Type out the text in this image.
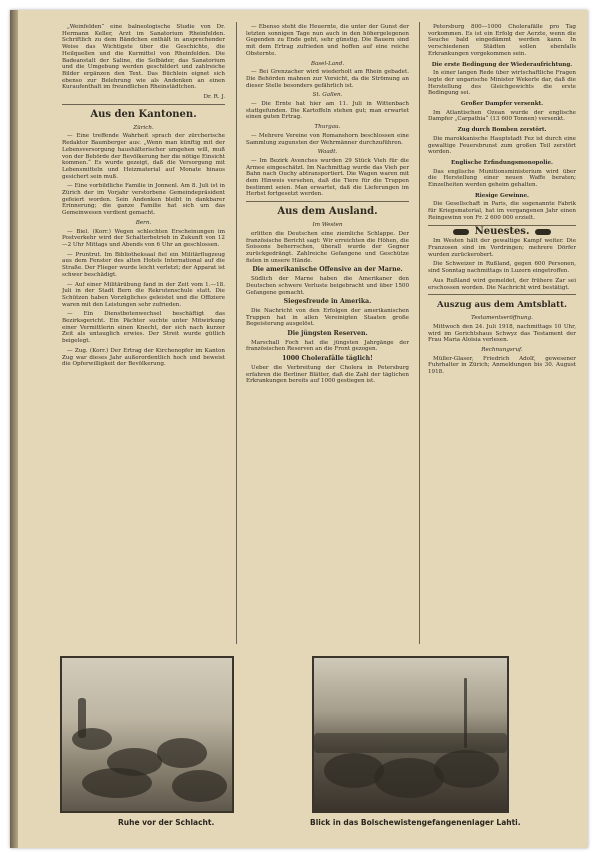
„Weinfelden“ eine balneologische Studie von Dr. Hermann Keller, Arzt im Sanatorium Rheinfelden. Schriftlich zu dem Bändchen enthält in ansprechender Weise das Wichtigste über die Geschichte, die Heilquellen und die Kurmittel von Rheinfelden. Die Badeanstalt der Saline, die Solbäder, das Sanatorium und die Umgebung werden geschildert und zahlreiche Bilder ergänzen den Text. Das Büchlein eignet sich ebenso zur Belehrung wie als Andenken an einen Kuraufenthalt im freundlichen Rheinstädtchen.

Dr. R. J.

Aus den Kantonen.

Zürich.

— Eine treffende Wahrheit sprach der zürcherische Redaktor Baumberger aus: „Wenn man künftig mit der Lebensversorgung haushälterischer umgehen will, muß von der Behörde der Bevölkerung her die nötige Einsicht kommen.“ Es wurde gezeigt, daß die Versorgung mit Lebensmitteln und Heizmaterial auf Monate hinaus gesichert sein muß.

— Eine vorbildliche Familie in Jonnenl. Am 8. Juli ist in Zürich der im Vorjahr verstorbene Gemeindepräsident gefeiert worden. Sein Andenken bleibt in dankbarer Erinnerung; die ganze Familie hat sich um das Gemeinwesen verdient gemacht.

Bern.

— Biel. (Korr.) Wegen schlechten Erscheinungen im Postverkehr wird der Schalterbetrieb in Zukunft von 12—2 Uhr Mittags und Abends von 6 Uhr an geschlossen.

— Pruntrut. Im Bibliotheksaal fiel ein Militärflugzeug aus dem Fenster des alten Hotels International auf die Straße. Der Flieger wurde leicht verletzt; der Apparat ist schwer beschädigt.

— Auf einer Militärübung fand in der Zeit vom 1.—18. Juli in der Stadt Bern die Rekrutenschule statt. Die Schützen haben Vorzügliches geleistet und die Offiziere waren mit den Leistungen sehr zufrieden.

— Ein Dienstbotenwechsel beschäftigt das Bezirksgericht. Ein Pächter suchte unter Mitwirkung einer Vermittlerin einen Knecht, der sich nach kurzer Zeit als untauglich erwies. Der Streit wurde gütlich beigelegt.

— Zug. (Korr.) Der Ertrag der Kirchenopfer im Kanton Zug war dieses Jahr außerordentlich hoch und beweist die Opferwilligkeit der Bevölkerung.

— Ebenso steht die Heuernte, die unter der Gunst der letzten sonnigen Tage nun auch in den höhergelegenen Gegenden zu Ende geht, sehr günstig. Die Bauern sind mit dem Ertrag zufrieden und hoffen auf eine reiche Obsternte.

Basel-Land.

— Bei Grenzacher wird wiederholt am Rhein gebadet. Die Behörden mahnen zur Vorsicht, da die Strömung an dieser Stelle besonders gefährlich ist.

St. Gallen.

— Die Ernte hat hier am 11. Juli in Wittenbach stattgefunden. Die Kartoffeln stehen gut; man erwartet einen guten Ertrag.

Thurgau.

— Mehrere Vereine von Romanshorn beschlossen eine Sammlung zugunsten der Wehrmänner durchzuführen.

Waadt.

— Im Bezirk Avenches wurden 29 Stück Vieh für die Armee eingeschätzt. Im Nachmittag wurde das Vieh per Bahn nach Ouchy abtransportiert. Die Wagen waren mit dem Hinweis versehen, daß die Tiere für die Truppen bestimmt seien. Man erwartet, daß die Lieferungen im Herbst fortgesetzt werden.

Aus dem Ausland.

Im Westen

erlitten die Deutschen eine ziemliche Schlappe. Der französische Bericht sagt: Wir erreichten die Höhen, die Soissons beherrschen, überall wurde der Gegner zurückgedrängt. Zahlreiche Gefangene und Geschütze fielen in unsere Hände.

Die amerikanische Offensive an der Marne.

Südlich der Marne haben die Amerikaner den Deutschen schwere Verluste beigebracht und über 1500 Gefangene gemacht.

Siegesfreude in Amerika.

Die Nachricht von den Erfolgen der amerikanischen Truppen hat in allen Vereinigten Staaten große Begeisterung ausgelöst.

Die jüngsten Reserven.

Marschall Foch hat die jüngsten Jahrgänge der französischen Reserven an die Front gezogen.

1000 Cholerafälle täglich!

Ueber die Verbreitung der Cholera in Petersburg erfahren die Berliner Blätter, daß die Zahl der täglichen Erkrankungen bereits auf 1000 gestiegen ist.

Petersburg 800—1000 Cholerafälle pro Tag vorkommen. Es ist ein Erfolg der Aerzte, wenn die Seuche bald eingedämmt werden kann. In verschiedenen Städten sollen ebenfalls Erkrankungen vorgekommen sein.

Die erste Bedingung der Wiederaufrichtung.

In einer langen Rede über wirtschaftliche Fragen legte der ungarische Minister Wekerle dar, daß die Herstellung des Gleichgewichts die erste Bedingung sei.

Großer Dampfer versenkt.

Im Atlantischen Ozean wurde der englische Dampfer „Carpathia“ (13 600 Tonnen) versenkt.

Zug durch Bomben zerstört.

Die marokkanische Hauptstadt Fez ist durch eine gewaltige Feuersbrunst zum großen Teil zerstört worden.

Englische Erfindungsmonopolie.

Das englische Munitionsministerium wird über die Herstellung einer neuen Waffe beraten; Einzelheiten werden geheim gehalten.

Riesige Gewinne.

Die Gesellschaft in Paris, die sogenannte Fabrik für Kriegsmaterial, hat im vergangenen Jahr einen Reingewinn von Fr. 2 600 000 erzielt.

Neuestes.

Im Westen hält der gewaltige Kampf weiter. Die Franzosen sind im Vordringen; mehrere Dörfer wurden zurückerobert.

Die Schweizer in Rußland, gegen 600 Personen, sind Sonntag nachmittags in Luzern eingetroffen.

Aus Rußland wird gemeldet, der frühere Zar sei erschossen worden. Die Nachricht wird bestätigt.

Auszug aus dem Amtsblatt.

Testamentseröffnung.

Mittwoch den 24. Juli 1918, nachmittags 10 Uhr, wird im Gerichtshaus Schwyz das Testament der Frau Maria Aloisia verlesen.

Rechnungsruf.

Müller-Glaser, Friedrich Adolf, gewesener Fuhrhalter in Zürich; Anmeldungen bis 30. August 1918.

Ruhe vor der Schlacht.	Blick in das Bolschewistengefangenenlager Lahti.
